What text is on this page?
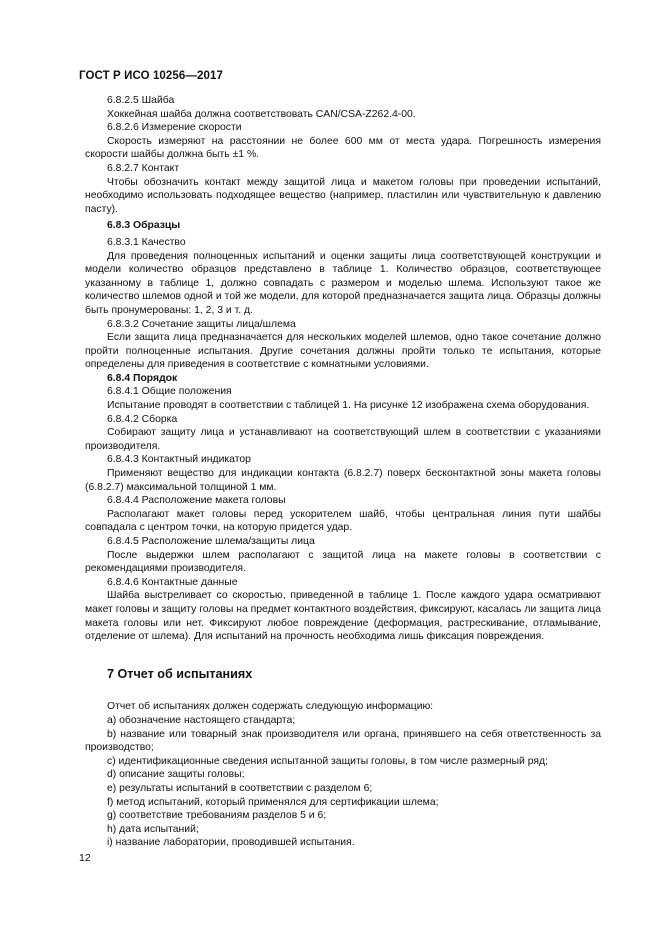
ГОСТ Р ИСО 10256—2017

6.8.2.5 Шайба

Хоккейная шайба должна соответствовать CAN/CSA-Z262.4-00.

6.8.2.6 Измерение скорости

Скорость измеряют на расстоянии не более 600 мм от места удара. Погрешность измерения скорости шайбы должна быть ±1 %.

6.8.2.7 Контакт

Чтобы обозначить контакт между защитой лица и макетом головы при проведении испытаний, необходимо использовать подходящее вещество (например, пластилин или чувствительную к давлению пасту).

6.8.3 Образцы

6.8.3.1 Качество

Для проведения полноценных испытаний и оценки защиты лица соответствующей конструкции и модели количество образцов представлено в таблице 1. Количество образцов, соответствующее указанному в таблице 1, должно совпадать с размером и моделью шлема. Используют такое же количество шлемов одной и той же модели, для которой предназначается защита лица. Образцы должны быть пронумерованы: 1, 2, 3 и т. д.

6.8.3.2 Сочетание защиты лица/шлема

Если защита лица предназначается для нескольких моделей шлемов, одно такое сочетание должно пройти полноценные испытания. Другие сочетания должны пройти только те испытания, которые определены для приведения в соответствие с комнатными условиями.

6.8.4 Порядок

6.8.4.1 Общие положения

Испытание проводят в соответствии с таблицей 1. На рисунке 12 изображена схема оборудования.

6.8.4.2 Сборка

Собирают защиту лица и устанавливают на соответствующий шлем в соответствии с указаниями производителя.

6.8.4.3 Контактный индикатор

Применяют вещество для индикации контакта (6.8.2.7) поверх бесконтактной зоны макета головы (6.8.2.7) максимальной толщиной 1 мм.

6.8.4.4 Расположение макета головы

Располагают макет головы перед ускорителем шайб, чтобы центральная линия пути шайбы совпадала с центром точки, на которую придется удар.

6.8.4.5 Расположение шлема/защиты лица

После выдержки шлем располагают с защитой лица на макете головы в соответствии с рекомендациями производителя.

6.8.4.6 Контактные данные

Шайба выстреливает со скоростью, приведенной в таблице 1. После каждого удара осматривают макет головы и защиту головы на предмет контактного воздействия, фиксируют, касалась ли защита лица макета головы или нет. Фиксируют любое повреждение (деформация, растрескивание, отламывание, отделение от шлема). Для испытаний на прочность необходима лишь фиксация повреждения.

7 Отчет об испытаниях

Отчет об испытаниях должен содержать следующую информацию:

a) обозначение настоящего стандарта;

b) название или товарный знак производителя или органа, принявшего на себя ответственность за производство;

c) идентификационные сведения испытанной защиты головы, в том числе размерный ряд;

d) описание защиты головы;

e) результаты испытаний в соответствии с разделом 6;

f) метод испытаний, который применялся для сертификации шлема;

g) соответствие требованиям разделов 5 и 6;

h) дата испытаний;

i) название лаборатории, проводившей испытания.

12
